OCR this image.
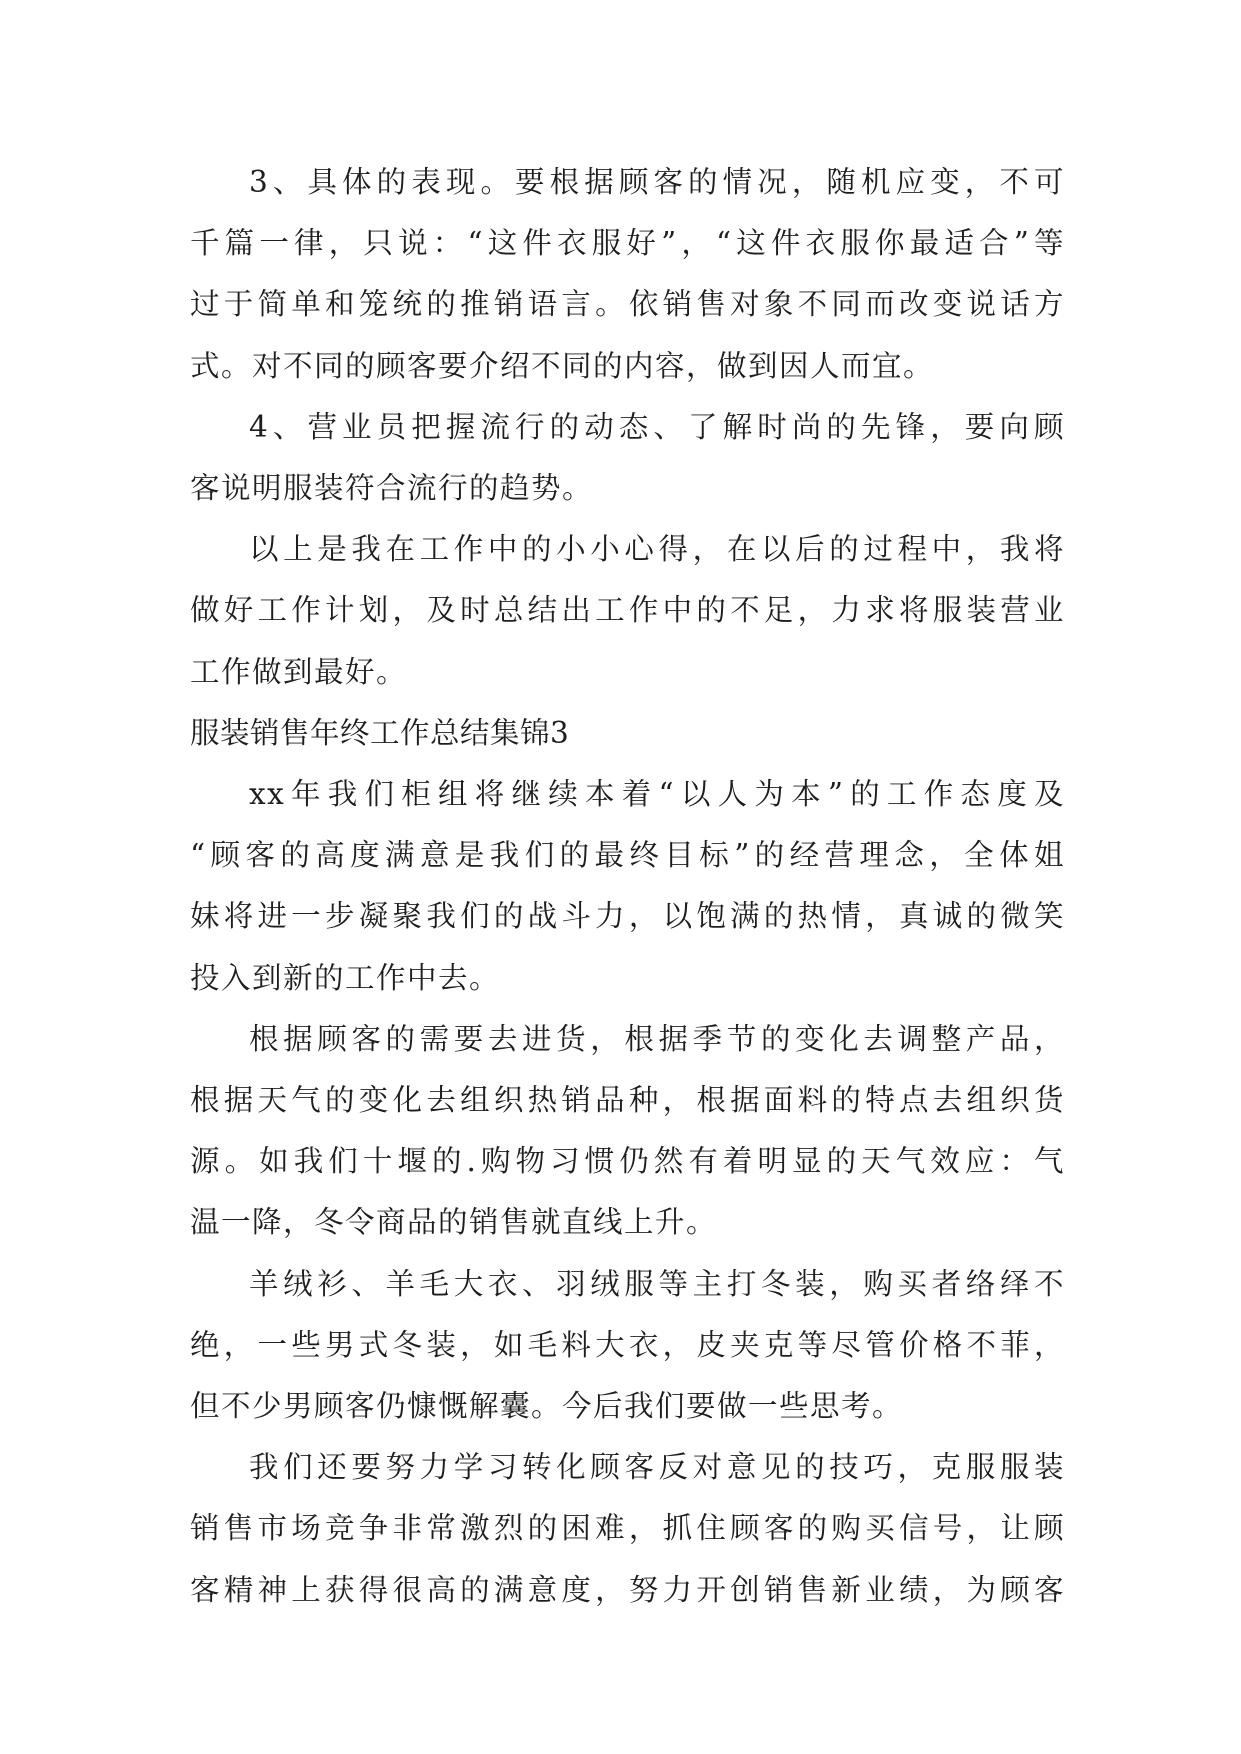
3、具体的表现。要根据顾客的情况，随机应变，不可
千篇一律，只说：“这件衣服好”，“这件衣服你最适合”等
过于简单和笼统的推销语言。依销售对象不同而改变说话方
式。对不同的顾客要介绍不同的内容，做到因人而宜。
4、营业员把握流行的动态、了解时尚的先锋，要向顾
客说明服装符合流行的趋势。
以上是我在工作中的小小心得，在以后的过程中，我将
做好工作计划，及时总结出工作中的不足，力求将服装营业
工作做到最好。
服装销售年终工作总结集锦3
xx年我们柜组将继续本着“以人为本”的工作态度及
“顾客的高度满意是我们的最终目标”的经营理念，全体姐
妹将进一步凝聚我们的战斗力，以饱满的热情，真诚的微笑
投入到新的工作中去。
根据顾客的需要去进货，根据季节的变化去调整产品，
根据天气的变化去组织热销品种，根据面料的特点去组织货
源。如我们十堰的.购物习惯仍然有着明显的天气效应：气
温一降，冬令商品的销售就直线上升。
羊绒衫、羊毛大衣、羽绒服等主打冬装，购买者络绎不
绝，一些男式冬装，如毛料大衣，皮夹克等尽管价格不菲，
但不少男顾客仍慷慨解囊。今后我们要做一些思考。
我们还要努力学习转化顾客反对意见的技巧，克服服装
销售市场竞争非常激烈的困难，抓住顾客的购买信号，让顾
客精神上获得很高的满意度，努力开创销售新业绩，为顾客
